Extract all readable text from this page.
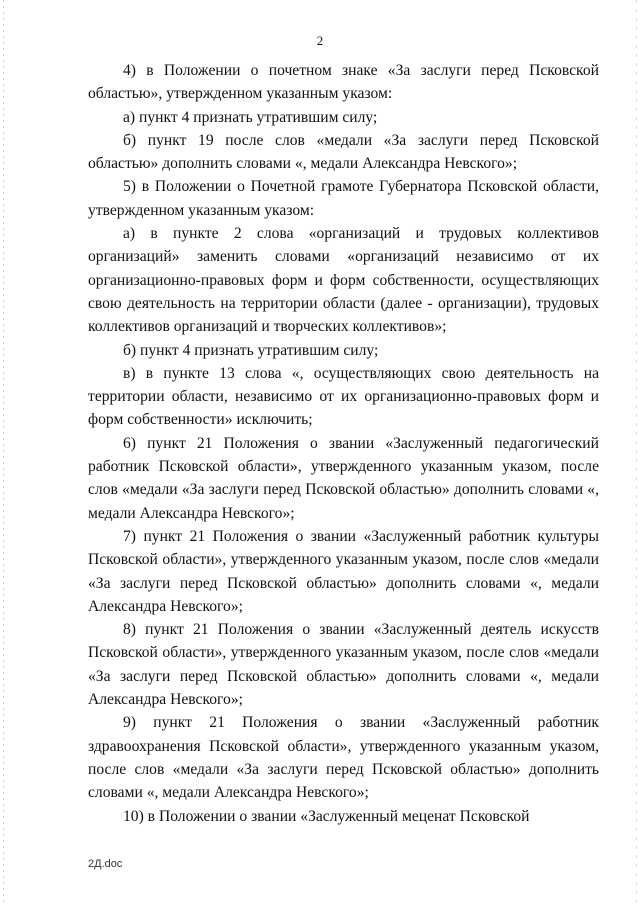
2

4) в Положении о почетном знаке «За заслуги перед Псковской областью», утвержденном указанным указом:

а) пункт 4 признать утратившим силу;

б) пункт 19 после слов «медали «За заслуги перед Псковской областью» дополнить словами «, медали Александра Невского»;

5) в Положении о Почетной грамоте Губернатора Псковской области, утвержденном указанным указом:

а) в пункте 2 слова «организаций и трудовых коллективов организаций» заменить словами «организаций независимо от их организационно-правовых форм и форм собственности, осуществляющих свою деятельность на территории области (далее - организации), трудовых коллективов организаций и творческих коллективов»;

б) пункт 4 признать утратившим силу;

в) в пункте 13 слова «, осуществляющих свою деятельность на территории области, независимо от их организационно-правовых форм и форм собственности» исключить;

6) пункт 21 Положения о звании «Заслуженный педагогический работник Псковской области», утвержденного указанным указом, после слов «медали «За заслуги перед Псковской областью» дополнить словами «, медали Александра Невского»;

7) пункт 21 Положения о звании «Заслуженный работник культуры Псковской области», утвержденного указанным указом, после слов «медали «За заслуги перед Псковской областью» дополнить словами «, медали Александра Невского»;

8) пункт 21 Положения о звании «Заслуженный деятель искусств Псковской области», утвержденного указанным указом, после слов «медали «За заслуги перед Псковской областью» дополнить словами «, медали Александра Невского»;

9) пункт 21 Положения о звании «Заслуженный работник здравоохранения Псковской области», утвержденного указанным указом, после слов «медали «За заслуги перед Псковской областью» дополнить словами «, медали Александра Невского»;

10) в Положении о звании «Заслуженный меценат Псковской

2Д.doc
